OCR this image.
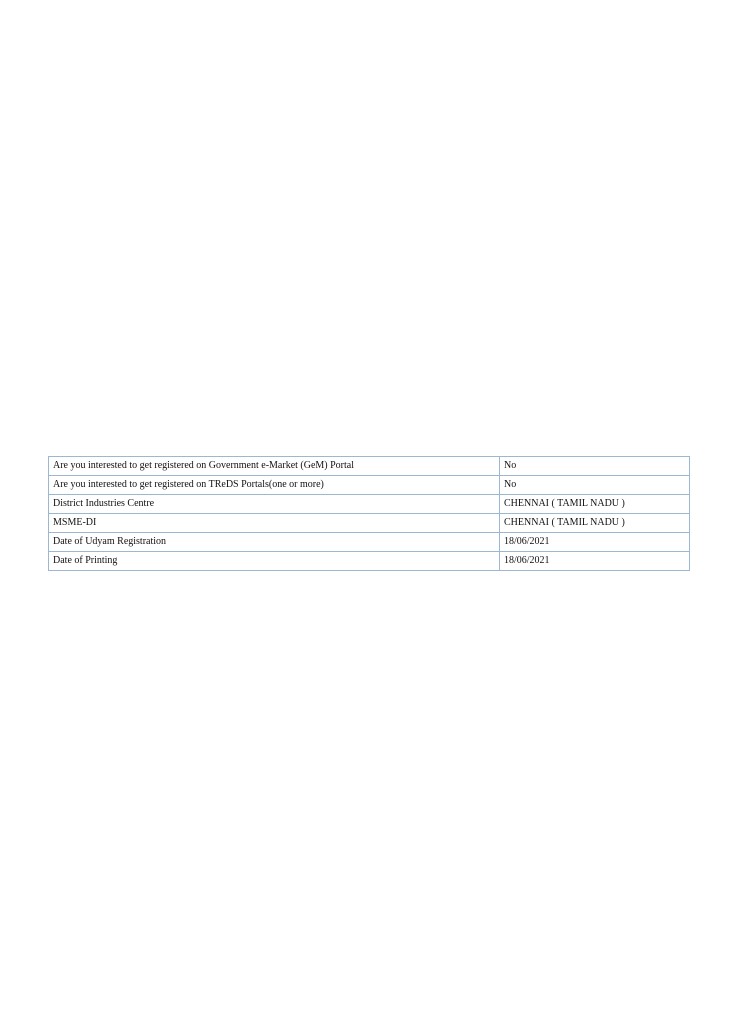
Are you interested to get registered on Government e-Market (GeM) Portal	No
Are you interested to get registered on TReDS Portals(one or more)	No
District Industries Centre	CHENNAI ( TAMIL NADU )
MSME-DI	CHENNAI ( TAMIL NADU )
Date of Udyam Registration	18/06/2021
Date of Printing	18/06/2021
